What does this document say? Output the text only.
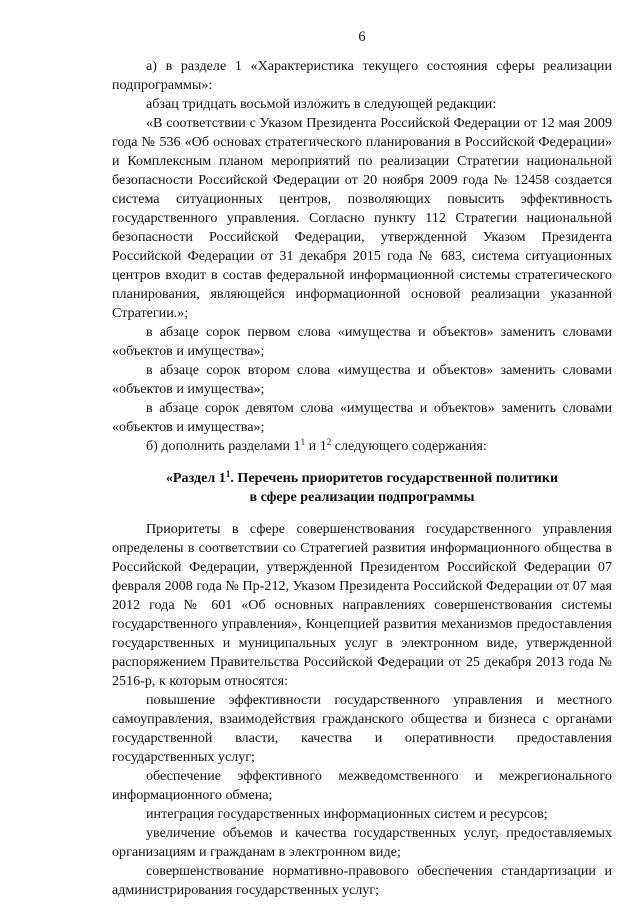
6

а) в разделе 1 «Характеристика текущего состояния сферы реализации подпрограммы»:

абзац тридцать восьмой изложить в следующей редакции:

«В соответствии с Указом Президента Российской Федерации от 12 мая 2009 года № 536 «Об основах стратегического планирования в Российской Федерации» и Комплексным планом мероприятий по реализации Стратегии национальной безопасности Российской Федерации от 20 ноября 2009 года № 12458 создается система ситуационных центров, позволяющих повысить эффективность государственного управления. Согласно пункту 112 Стратегии национальной безопасности Российской Федерации, утвержденной Указом Президента Российской Федерации от 31 декабря 2015 года № 683, система ситуационных центров входит в состав федеральной информационной системы стратегического планирования, являющейся информационной основой реализации указанной Стратегии.»;

в абзаце сорок первом слова «имущества и объектов» заменить словами «объектов и имущества»;

в абзаце сорок втором слова «имущества и объектов» заменить словами «объектов и имущества»;

в абзаце сорок девятом слова «имущества и объектов» заменить словами «объектов и имущества»;

б) дополнить разделами $1^1$ и $1^2$ следующего содержания:

«Раздел $1^1$. Перечень приоритетов государственной политики
в сфере реализации подпрограммы

Приоритеты в сфере совершенствования государственного управления определены в соответствии со Стратегией развития информационного общества в Российской Федерации, утвержденной Президентом Российской Федерации 07 февраля 2008 года № Пр-212, Указом Президента Российской Федерации от 07 мая 2012 года № 601 «Об основных направлениях совершенствования системы государственного управления», Концепцией развития механизмов предоставления государственных и муниципальных услуг в электронном виде, утвержденной распоряжением Правительства Российской Федерации от 25 декабря 2013 года № 2516-р, к которым относятся:

повышение эффективности государственного управления и местного самоуправления, взаимодействия гражданского общества и бизнеса с органами государственной власти, качества и оперативности предоставления государственных услуг;

обеспечение эффективного межведомственного и межрегионального информационного обмена;

интеграция государственных информационных систем и ресурсов;

увеличение объемов и качества государственных услуг, предоставляемых организациям и гражданам в электронном виде;

совершенствование нормативно-правового обеспечения стандартизации и администрирования государственных услуг;
